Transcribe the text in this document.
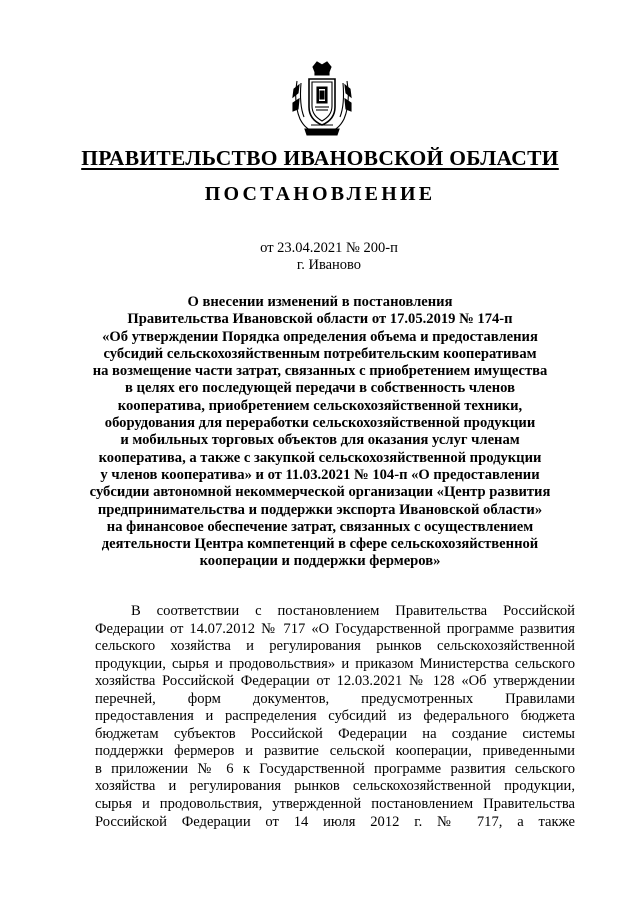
ПРАВИТЕЛЬСТВО ИВАНОВСКОЙ ОБЛАСТИ
ПОСТАНОВЛЕНИЕ
от 23.04.2021 № 200-п
г. Иваново
О внесении изменений в постановления
Правительства Ивановской области от 17.05.2019 № 174-п
«Об утверждении Порядка определения объема и предоставления
субсидий сельскохозяйственным потребительским кооперативам
на возмещение части затрат, связанных с приобретением имущества
в целях его последующей передачи в собственность членов
кооператива, приобретением сельскохозяйственной техники,
оборудования для переработки сельскохозяйственной продукции
и мобильных торговых объектов для оказания услуг членам
кооператива, а также с закупкой сельскохозяйственной продукции
у членов кооператива» и от 11.03.2021 № 104-п «О предоставлении
субсидии автономной некоммерческой организации «Центр развития
предпринимательства и поддержки экспорта Ивановской области»
на финансовое обеспечение затрат, связанных с осуществлением
деятельности Центра компетенций в сфере сельскохозяйственной
кооперации и поддержки фермеров»
В соответствии с постановлением Правительства Российской
Федерации от 14.07.2012 № 717 «О Государственной программе развития
сельского хозяйства и регулирования рынков сельскохозяйственной
продукции, сырья и продовольствия» и приказом Министерства сельского
хозяйства Российской Федерации от 12.03.2021 № 128 «Об утверждении
перечней, форм документов, предусмотренных Правилами
предоставления и распределения субсидий из федерального бюджета
бюджетам субъектов Российской Федерации на создание системы
поддержки фермеров и развитие сельской кооперации, приведенными
в приложении № 6 к Государственной программе развития сельского
хозяйства и регулирования рынков сельскохозяйственной продукции,
сырья и продовольствия, утвержденной постановлением Правительства
Российской Федерации от 14 июля 2012 г. № 717, а также
